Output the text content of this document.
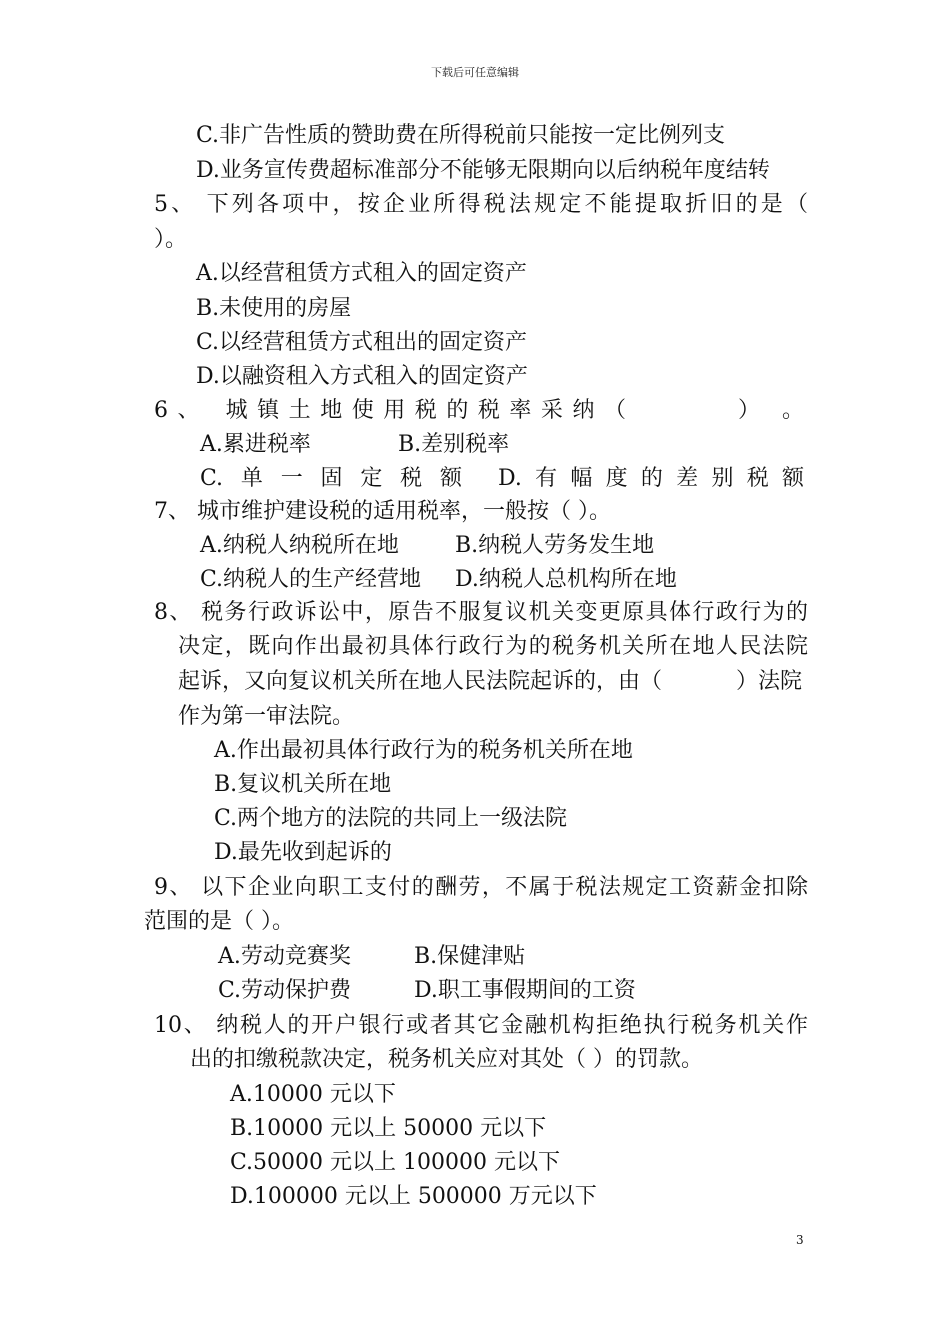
下载后可任意编辑
C.非广告性质的赞助费在所得税前只能按一定比例列支
D.业务宣传费超标准部分不能够无限期向以后纳税年度结转
5、 下列各项中，按企业所得税法规定不能提取折旧的是（
）。
A.以经营租赁方式租入的固定资产
B.未使用的房屋
C.以经营租赁方式租出的固定资产
D.以融资租入方式租入的固定资产
6、 城镇土地使用税的税率采纳（	）。
A.累进税率	B.差别税率
C.单一固定税额 D.有幅度的差别税额
7、 城市维护建设税的适用税率，一般按（ ）。
A.纳税人纳税所在地	B.纳税人劳务发生地
C.纳税人的生产经营地 D.纳税人总机构所在地
8、 税务行政诉讼中，原告不服复议机关变更原具体行政行为的
决定，既向作出最初具体行政行为的税务机关所在地人民法院
起诉，又向复议机关所在地人民法院起诉的，由（	）法院
作为第一审法院。
A.作出最初具体行政行为的税务机关所在地
B.复议机关所在地
C.两个地方的法院的共同上一级法院
D.最先收到起诉的
9、 以下企业向职工支付的酬劳，不属于税法规定工资薪金扣除
范围的是（ ）。
A.劳动竞赛奖	B.保健津贴
C.劳动保护费	D.职工事假期间的工资
10、 纳税人的开户银行或者其它金融机构拒绝执行税务机关作
出的扣缴税款决定，税务机关应对其处（ ）的罚款。
A.10000 元以下
B.10000 元以上 50000 元以下
C.50000 元以上 100000 元以下
D.100000 元以上 500000 万元以下
3
